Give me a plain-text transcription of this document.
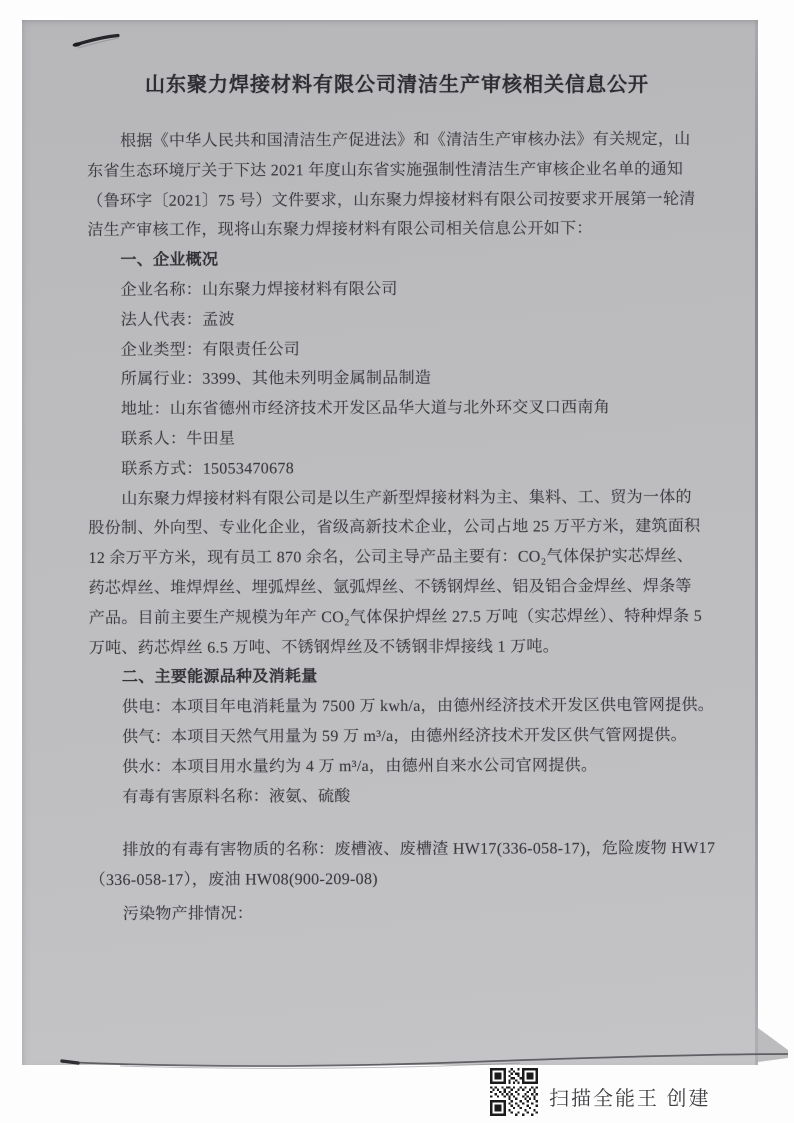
山东聚力焊接材料有限公司清洁生产审核相关信息公开
根据《中华人民共和国清洁生产促进法》和《清洁生产审核办法》有关规定，山
东省生态环境厅关于下达 2021 年度山东省实施强制性清洁生产审核企业名单的通知
（鲁环字〔2021〕75 号）文件要求，山东聚力焊接材料有限公司按要求开展第一轮清
洁生产审核工作，现将山东聚力焊接材料有限公司相关信息公开如下：
一、企业概况
企业名称：山东聚力焊接材料有限公司
法人代表：孟波
企业类型：有限责任公司
所属行业：3399、其他未列明金属制品制造
地址：山东省德州市经济技术开发区品华大道与北外环交叉口西南角
联系人：牛田星
联系方式：15053470678
山东聚力焊接材料有限公司是以生产新型焊接材料为主、集料、工、贸为一体的
股份制、外向型、专业化企业，省级高新技术企业，公司占地 25 万平方米，建筑面积
12 余万平方米，现有员工 870 余名，公司主导产品主要有：CO₂气体保护实芯焊丝、
药芯焊丝、堆焊焊丝、埋弧焊丝、氩弧焊丝、不锈钢焊丝、铝及铝合金焊丝、焊条等
产品。目前主要生产规模为年产 CO₂气体保护焊丝 27.5 万吨（实芯焊丝）、特种焊条 5
万吨、药芯焊丝 6.5 万吨、不锈钢焊丝及不锈钢非焊接线 1 万吨。
二、主要能源品种及消耗量
供电：本项目年电消耗量为 7500 万 kwh/a，由德州经济技术开发区供电管网提供。
供气：本项目天然气用量为 59 万 m³/a，由德州经济技术开发区供气管网提供。
供水：本项目用水量约为 4 万 m³/a，由德州自来水公司官网提供。
有毒有害原料名称：液氨、硫酸
排放的有毒有害物质的名称：废槽液、废槽渣 HW17(336-058-17)，危险废物 HW17
（336-058-17），废油 HW08(900-209-08)
污染物产排情况：
扫描全能王 创建
